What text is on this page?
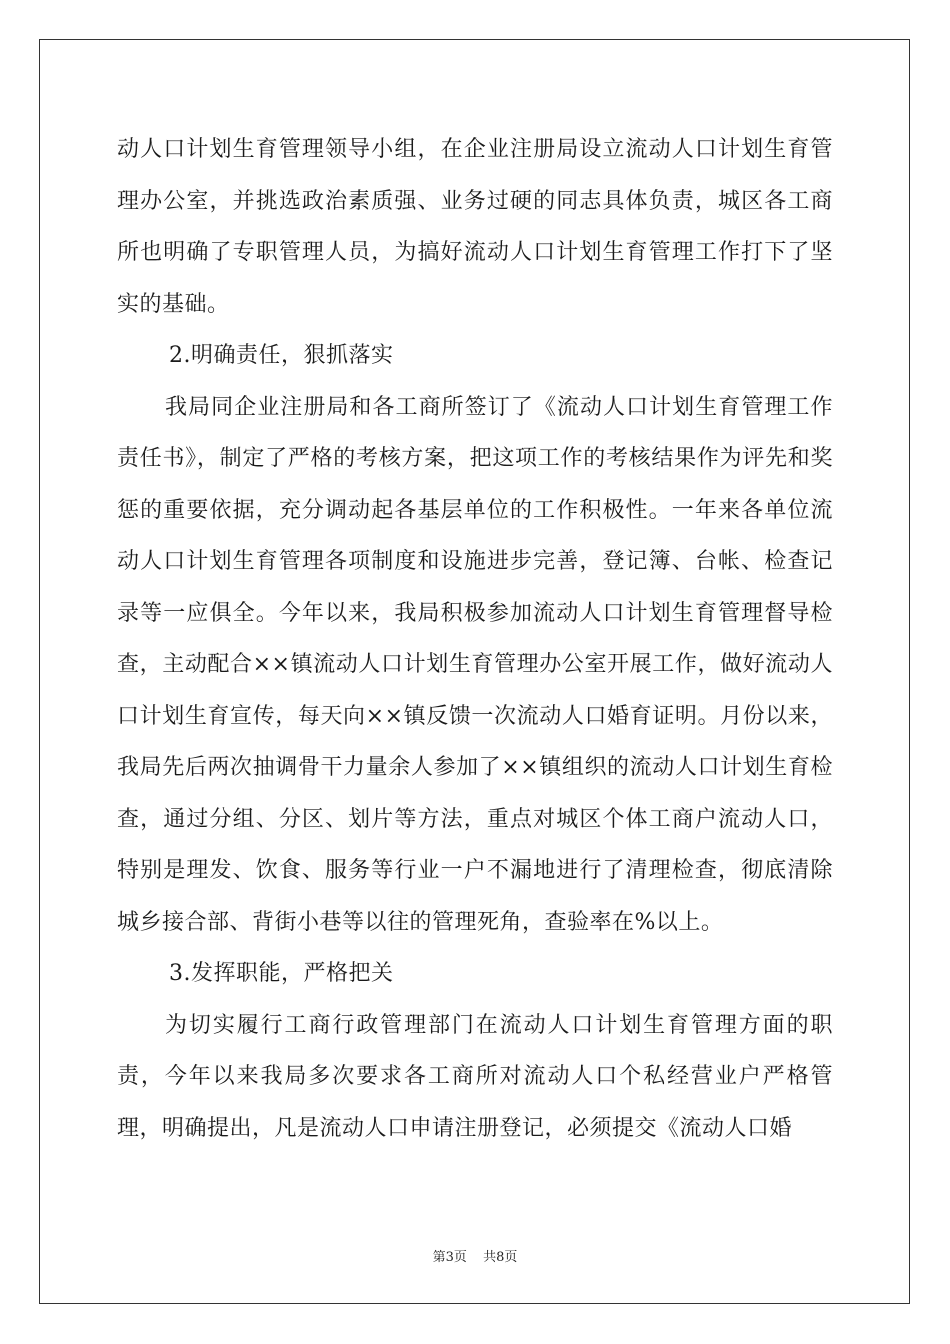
动人口计划生育管理领导小组，在企业注册局设立流动人口计划生育管理办公室，并挑选政治素质强、业务过硬的同志具体负责，城区各工商所也明确了专职管理人员，为搞好流动人口计划生育管理工作打下了坚实的基础。

2.明确责任，狠抓落实

我局同企业注册局和各工商所签订了《流动人口计划生育管理工作责任书》，制定了严格的考核方案，把这项工作的考核结果作为评先和奖惩的重要依据，充分调动起各基层单位的工作积极性。一年来各单位流动人口计划生育管理各项制度和设施进步完善，登记簿、台帐、检查记录等一应俱全。今年以来，我局积极参加流动人口计划生育管理督导检查，主动配合××镇流动人口计划生育管理办公室开展工作，做好流动人口计划生育宣传，每天向××镇反馈一次流动人口婚育证明。月份以来，我局先后两次抽调骨干力量余人参加了××镇组织的流动人口计划生育检查，通过分组、分区、划片等方法，重点对城区个体工商户流动人口，特别是理发、饮食、服务等行业一户不漏地进行了清理检查，彻底清除城乡接合部、背街小巷等以往的管理死角，查验率在%以上。

3.发挥职能，严格把关

为切实履行工商行政管理部门在流动人口计划生育管理方面的职责，今年以来我局多次要求各工商所对流动人口个私经营业户严格管理，明确提出，凡是流动人口申请注册登记，必须提交《流动人口婚

第3页 共8页
